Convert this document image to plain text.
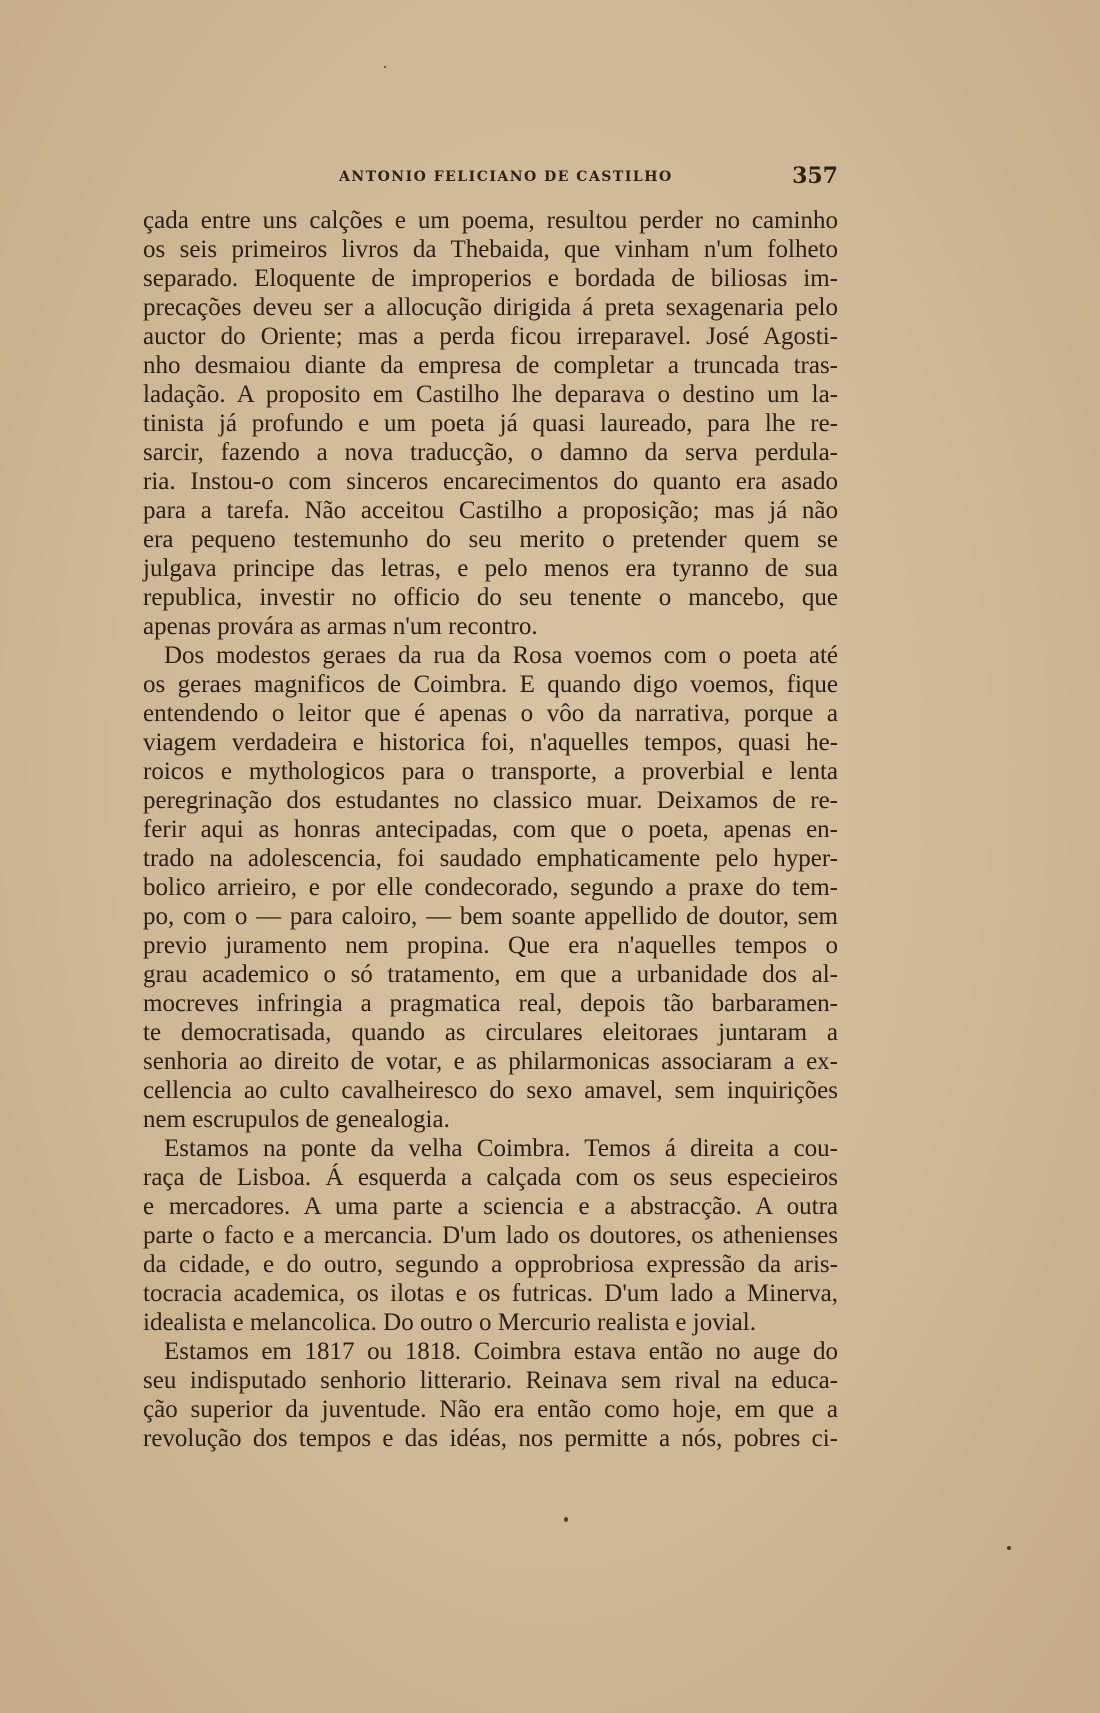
ANTONIO FELICIANO DE CASTILHO	357
çada entre uns calções e um poema, resultou perder no caminho
os seis primeiros livros da Thebaida, que vinham n'um folheto
separado. Eloquente de improperios e bordada de biliosas im-
precações deveu ser a allocução dirigida á preta sexagenaria pelo
auctor do Oriente; mas a perda ficou irreparavel. José Agosti-
nho desmaiou diante da empresa de completar a truncada tras-
ladação. A proposito em Castilho lhe deparava o destino um la-
tinista já profundo e um poeta já quasi laureado, para lhe re-
sarcir, fazendo a nova traducção, o damno da serva perdula-
ria. Instou-o com sinceros encarecimentos do quanto era asado
para a tarefa. Não acceitou Castilho a proposição; mas já não
era pequeno testemunho do seu merito o pretender quem se
julgava principe das letras, e pelo menos era tyranno de sua
republica, investir no officio do seu tenente o mancebo, que
apenas provára as armas n'um recontro.
Dos modestos geraes da rua da Rosa voemos com o poeta até
os geraes magnificos de Coimbra. E quando digo voemos, fique
entendendo o leitor que é apenas o vôo da narrativa, porque a
viagem verdadeira e historica foi, n'aquelles tempos, quasi he-
roicos e mythologicos para o transporte, a proverbial e lenta
peregrinação dos estudantes no classico muar. Deixamos de re-
ferir aqui as honras antecipadas, com que o poeta, apenas en-
trado na adolescencia, foi saudado emphaticamente pelo hyper-
bolico arrieiro, e por elle condecorado, segundo a praxe do tem-
po, com o — para caloiro, — bem soante appellido de doutor, sem
previo juramento nem propina. Que era n'aquelles tempos o
grau academico o só tratamento, em que a urbanidade dos al-
mocreves infringia a pragmatica real, depois tão barbaramen-
te democratisada, quando as circulares eleitoraes juntaram a
senhoria ao direito de votar, e as philarmonicas associaram a ex-
cellencia ao culto cavalheiresco do sexo amavel, sem inquirições
nem escrupulos de genealogia.
Estamos na ponte da velha Coimbra. Temos á direita a cou-
raça de Lisboa. Á esquerda a calçada com os seus especieiros
e mercadores. A uma parte a sciencia e a abstracção. A outra
parte o facto e a mercancia. D'um lado os doutores, os athenienses
da cidade, e do outro, segundo a opprobriosa expressão da aris-
tocracia academica, os ilotas e os futricas. D'um lado a Minerva,
idealista e melancolica. Do outro o Mercurio realista e jovial.
Estamos em 1817 ou 1818. Coimbra estava então no auge do
seu indisputado senhorio litterario. Reinava sem rival na educa-
ção superior da juventude. Não era então como hoje, em que a
revolução dos tempos e das idéas, nos permitte a nós, pobres ci-
